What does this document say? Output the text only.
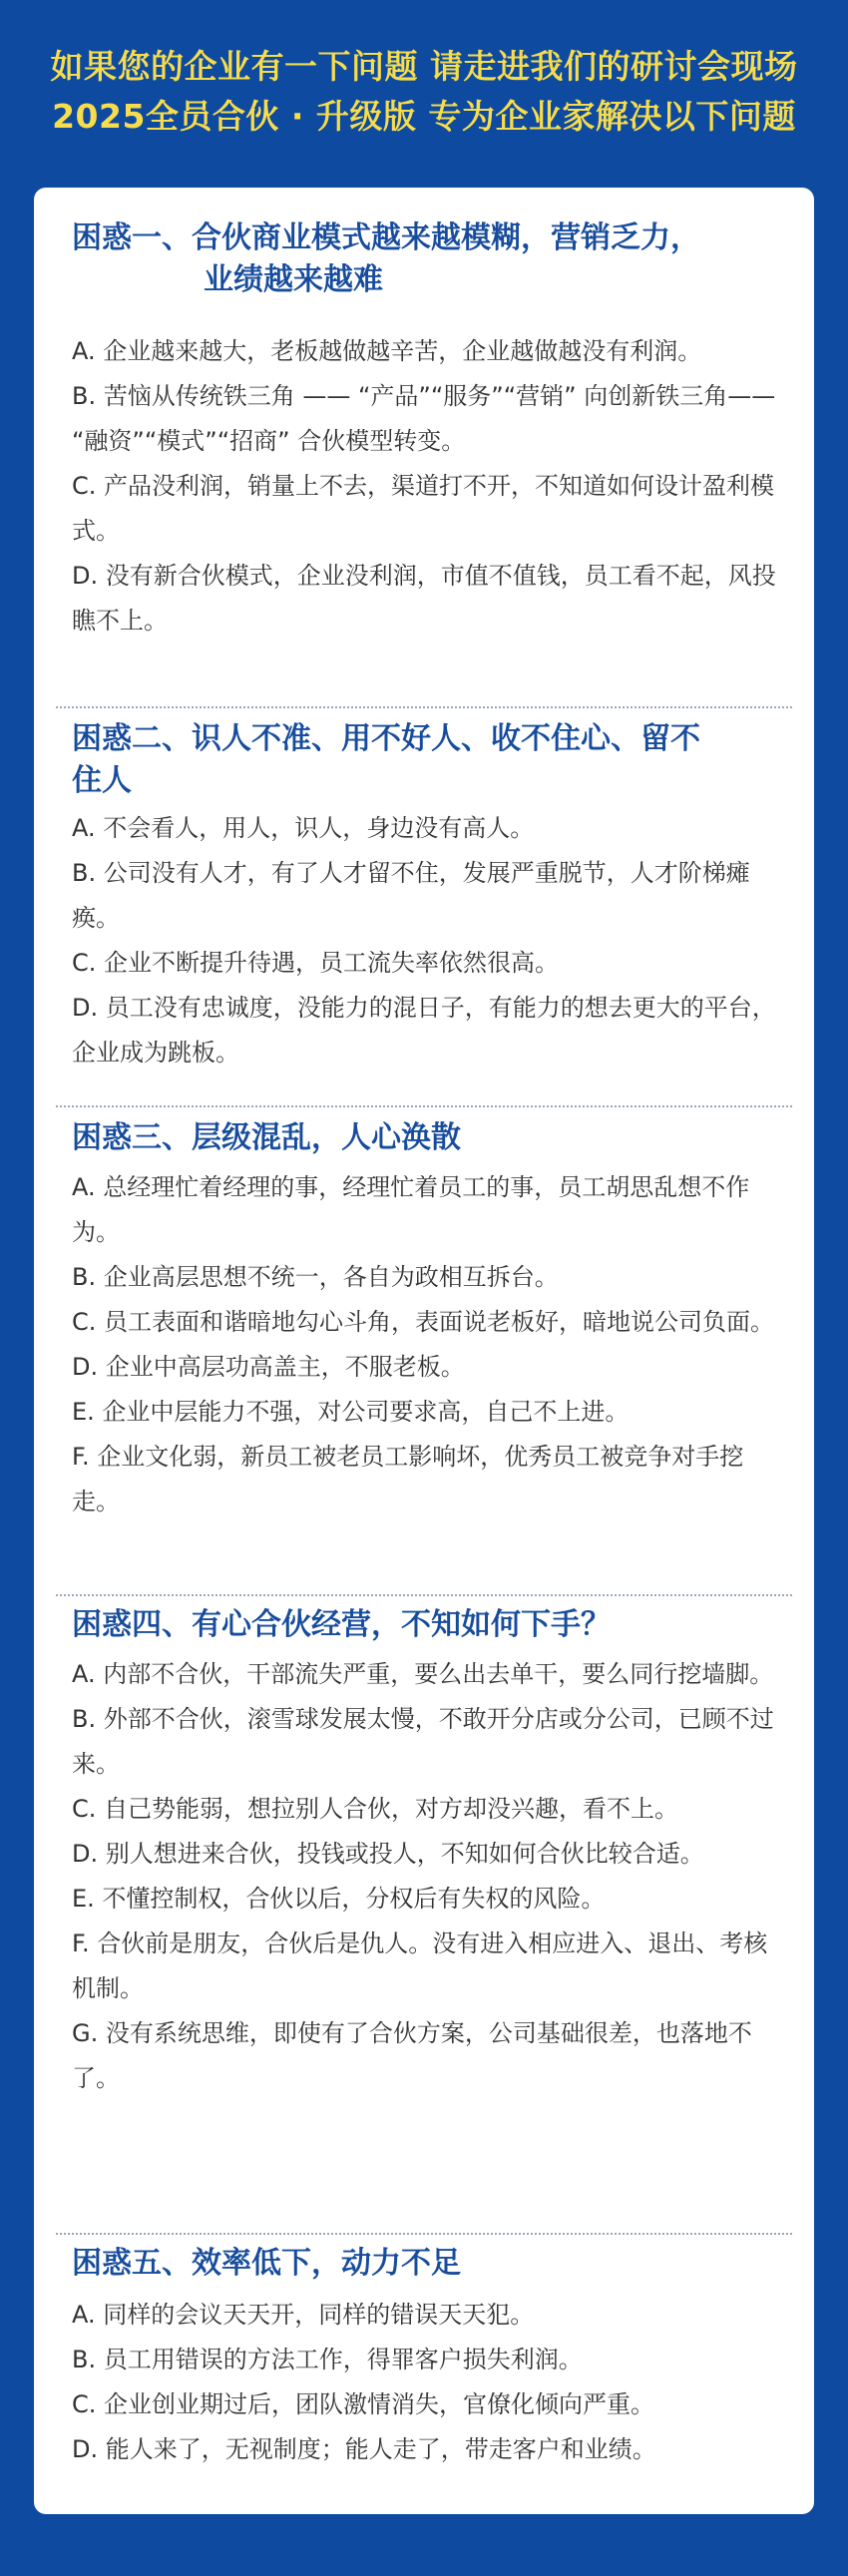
如果您的企业有一下问题 请走进我们的研讨会现场
2025全员合伙 · 升级版 专为企业家解决以下问题
困惑一、合伙商业模式越来越模糊，营销乏力，
业绩越来越难

A. 企业越来越大，老板越做越辛苦，企业越做越没有利润。

B. 苦恼从传统铁三角 —— “产品”“服务”“营销” 向创新铁三角—— “融资”“模式”“招商” 合伙模型转变。

C. 产品没利润，销量上不去，渠道打不开，不知道如何设计盈利模式。

D. 没有新合伙模式，企业没利润，市值不值钱，员工看不起，风投瞧不上。

困惑二、识人不准、用不好人、收不住心、留不
住人

A. 不会看人，用人，识人，身边没有高人。

B. 公司没有人才，有了人才留不住，发展严重脱节，人才阶梯瘫痪。

C. 企业不断提升待遇，员工流失率依然很高。

D. 员工没有忠诚度，没能力的混日子，有能力的想去更大的平台，企业成为跳板。

困惑三、层级混乱，人心涣散

A. 总经理忙着经理的事，经理忙着员工的事，员工胡思乱想不作为。

B. 企业高层思想不统一，各自为政相互拆台。

C. 员工表面和谐暗地勾心斗角，表面说老板好，暗地说公司负面。

D. 企业中高层功高盖主，不服老板。

E. 企业中层能力不强，对公司要求高，自己不上进。

F. 企业文化弱，新员工被老员工影响坏，优秀员工被竞争对手挖走。

困惑四、有心合伙经营，不知如何下手？

A. 内部不合伙，干部流失严重，要么出去单干，要么同行挖墙脚。

B. 外部不合伙，滚雪球发展太慢，不敢开分店或分公司，已顾不过来。

C. 自己势能弱，想拉别人合伙，对方却没兴趣，看不上。

D. 别人想进来合伙，投钱或投人，不知如何合伙比较合适。

E. 不懂控制权，合伙以后，分权后有失权的风险。

F. 合伙前是朋友，合伙后是仇人。没有进入相应进入、退出、考核机制。

G. 没有系统思维，即使有了合伙方案，公司基础很差，也落地不了。

困惑五、效率低下，动力不足

A. 同样的会议天天开，同样的错误天天犯。

B. 员工用错误的方法工作，得罪客户损失利润。

C. 企业创业期过后，团队激情消失，官僚化倾向严重。

D. 能人来了，无视制度；能人走了，带走客户和业绩。
